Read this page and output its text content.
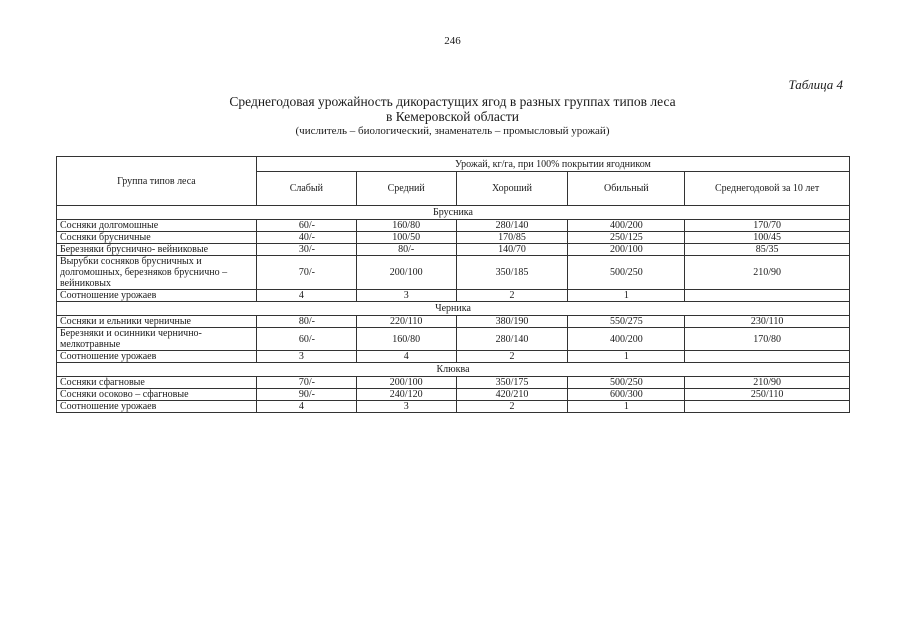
246
Таблица 4
Среднегодовая урожайность дикорастущих ягод в разных группах типов леса
в Кемеровской области
(числитель – биологический, знаменатель – промысловый урожай)
Группа типов леса	Урожай, кг/га, при 100% покрытии ягодником				
	Слабый	Средний	Хороший	Обильный	Среднегодовой за 10 лет
Брусника					
Сосняки долгомошные	60/-	160/80	280/140	400/200	170/70
Сосняки брусничные	40/-	100/50	170/85	250/125	100/45
Березняки бруснично- вейниковые	30/-	80/-	140/70	200/100	85/35
Вырубки сосняков брусничных и долгомошных, березняков бруснично – вейниковых	70/-	200/100	350/185	500/250	210/90
Соотношение урожаев	4	3	2	1	
Черника					
Сосняки и ельники черничные	80/-	220/110	380/190	550/275	230/110
Березняки и осинники чернично- мелкотравные	60/-	160/80	280/140	400/200	170/80
Соотношение урожаев	3	4	2	1	
Клюква					
Сосняки сфагновые	70/-	200/100	350/175	500/250	210/90
Сосняки осоково – сфагновые	90/-	240/120	420/210	600/300	250/110
Соотношение урожаев	4	3	2	1	
